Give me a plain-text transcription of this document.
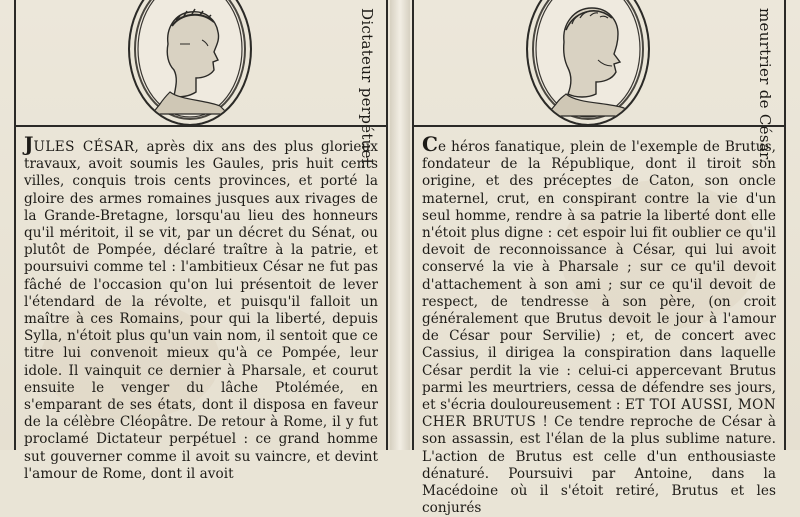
Dictateur perpétuel.
JULES CÉSAR, après dix ans des plus glorieux travaux, avoit soumis les Gaules, pris huit cents villes, conquis trois cents provinces, et porté la gloire des armes romaines jusques aux rivages de la Grande-Bretagne, lorsqu'au lieu des honneurs qu'il méritoit, il se vit, par un décret du Sénat, ou plutôt de Pompée, déclaré traître à la patrie, et poursuivi comme tel : l'ambitieux César ne fut pas fâché de l'occasion qu'on lui présentoit de lever l'étendard de la révolte, et puisqu'il falloit un maître à ces Romains, pour qui la liberté, depuis Sylla, n'étoit plus qu'un vain nom, il sentoit que ce titre lui convenoit mieux qu'à ce Pompée, leur idole. Il vainquit ce dernier à Pharsale, et courut ensuite le venger du lâche Ptolémée, en s'emparant de ses états, dont il disposa en faveur de la célèbre Cléopâtre. De retour à Rome, il y fut proclamé Dictateur perpétuel : ce grand homme sut gouverner comme il avoit su vaincre, et devint l'amour de Rome, dont il avoit
meurtrier de César.
Ce héros fanatique, plein de l'exemple de Brutus, fondateur de la République, dont il tiroit son origine, et des préceptes de Caton, son oncle maternel, crut, en conspirant contre la vie d'un seul homme, rendre à sa patrie la liberté dont elle n'étoit plus digne : cet espoir lui fit oublier ce qu'il devoit de reconnoissance à César, qui lui avoit conservé la vie à Pharsale ; sur ce qu'il devoit d'attachement à son ami ; sur ce qu'il devoit de respect, de tendresse à son père, (on croit généralement que Brutus devoit le jour à l'amour de César pour Servilie) ; et, de concert avec Cassius, il dirigea la conspiration dans laquelle César perdit la vie : celui-ci appercevant Brutus parmi les meurtriers, cessa de défendre ses jours, et s'écria douloureusement : ET TOI AUSSI, MON CHER BRUTUS ! Ce tendre reproche de César à son assassin, est l'élan de la plus sublime nature. L'action de Brutus est celle d'un enthousiaste dénaturé. Poursuivi par Antoine, dans la Macédoine où il s'étoit retiré, Brutus et les conjurés
